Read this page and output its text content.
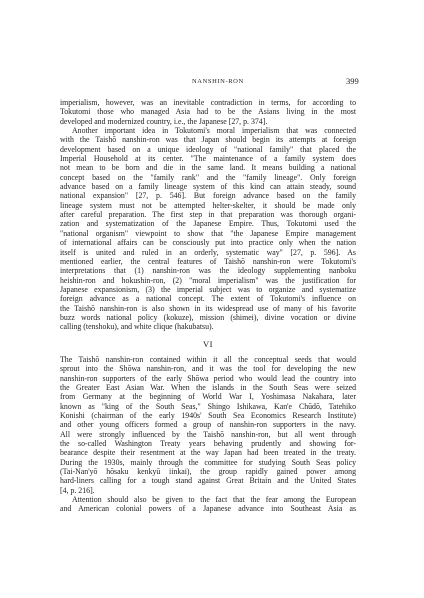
NANSHIN-RON	399

imperialism, however, was an inevitable contradiction in terms, for according to
Tokutomi those who managed Asia had to be the Asians living in the most
developed and modernized country, i.e., the Japanese [27, p. 374].

Another important idea in Tokutomi's moral imperialism that was connected
with the Taishō nanshin-ron was that Japan should begin its attempts at foreign
development based on a unique ideology of "national family" that placed the
Imperial Household at its center. "The maintenance of a family system does
not mean to be born and die in the same land. It means building a national
concept based on the "family rank" and the "family lineage". Only foreign
advance based on a family lineage system of this kind can attain steady, sound
national expansion" [27, p. 546]. But foreign advance based on the family
lineage system must not be attempted helter-skelter, it should be made only
after careful preparation. The first step in that preparation was thorough organi-
zation and systematization of the Japanese Empire. Thus, Tokutomi used the
"national organism" viewpoint to show that "the Japanese Empire management
of international affairs can be consciously put into practice only when the nation
itself is united and ruled in an orderly, systematic way" [27, p. 596]. As
mentioned earlier, the central features of Taishō nanshin-ron were Tokutomi's
interpretations that (1) nanshin-ron was the ideology supplementing nanboku
heishin-ron and hokushin-ron, (2) "moral imperialism" was the justification for
Japanese expansionism, (3) the imperial subject was to organize and systematize
foreign advance as a national concept. The extent of Tokutomi's influence on
the Taishō nanshin-ron is also shown in its widespread use of many of his favorite
buzz words national policy (kokuze), mission (shimei), divine vocation or divine
calling (tenshoku), and white clique (hakubatsu).

VI

The Taishō nanshin-ron contained within it all the conceptual seeds that would
sprout into the Shōwa nanshin-ron, and it was the tool for developing the new
nanshin-ron supporters of the early Shōwa period who would lead the country into
the Greater East Asian War. When the islands in the South Seas were seized
from Germany at the beginning of World War I, Yoshimasa Nakahara, later
known as "king of the South Seas," Shingo Ishikawa, Kan'e Chūdō, Tatehiko
Konishi (chairman of the early 1940s' South Sea Economics Research Institute)
and other young officers formed a group of nanshin-ron supporters in the navy.
All were strongly influenced by the Taishō nanshin-ron, but all went through
the so-called Washington Treaty years behaving prudently and showing for-
bearance despite their resentment at the way Japan had been treated in the treaty.
During the 1930s, mainly through the committee for studying South Seas policy
(Tai-Nan'yō hōsaku kenkyū iinkai), the group rapidly gained power among
hard-liners calling for a tough stand against Great Britain and the United States
[4, p. 216].

Attention should also be given to the fact that the fear among the European
and American colonial powers of a Japanese advance into Southeast Asia as
